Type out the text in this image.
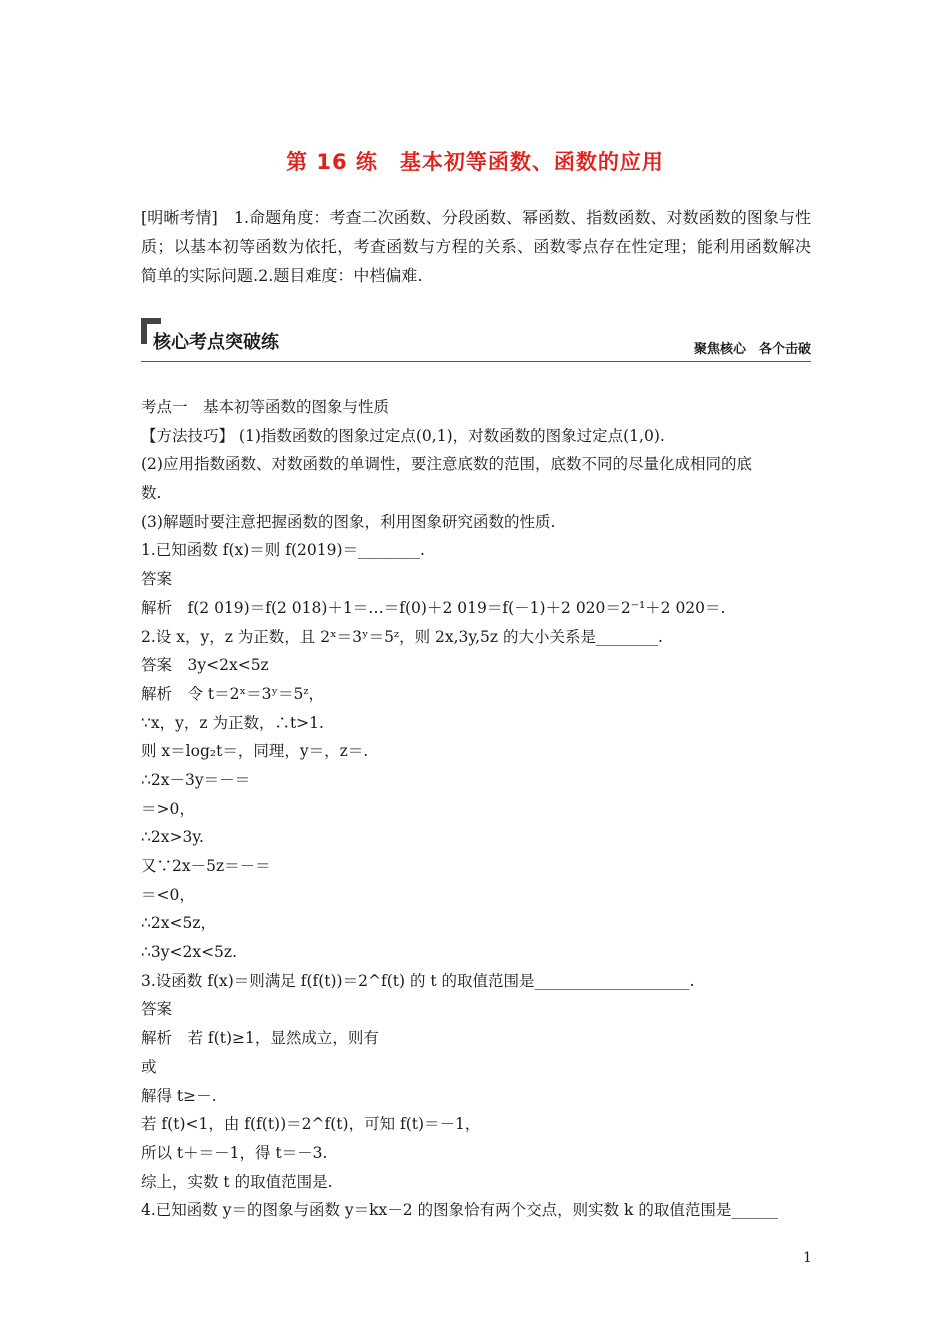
第 16 练　基本初等函数、函数的应用
[明晰考情]　1.命题角度：考查二次函数、分段函数、幂函数、指数函数、对数函数的图象与性质；以基本初等函数为依托，考查函数与方程的关系、函数零点存在性定理；能利用函数解决简单的实际问题.2.题目难度：中档偏难.
核心考点突破练	聚焦核心　各个击破
考点一　基本初等函数的图象与性质
【方法技巧】 (1)指数函数的图象过定点(0,1)，对数函数的图象过定点(1,0).
(2)应用指数函数、对数函数的单调性，要注意底数的范围，底数不同的尽量化成相同的底
数.
(3)解题时要注意把握函数的图象，利用图象研究函数的性质.
1.已知函数 f(x)＝则 f(2019)＝________.
答案
解析　f(2 019)＝f(2 018)＋1＝…＝f(0)＋2 019＝f(－1)＋2 020＝2⁻¹＋2 020＝.
2.设 x，y，z 为正数，且 2ˣ＝3ʸ＝5ᶻ，则 2x,3y,5z 的大小关系是________.
答案　3y<2x<5z
解析　令 t＝2ˣ＝3ʸ＝5ᶻ，
∵x，y，z 为正数，∴t>1.
则 x＝log₂t＝，同理，y＝，z＝.
∴2x－3y＝－＝
＝>0，
∴2x>3y.
又∵2x－5z＝－＝
＝<0，
∴2x<5z，
∴3y<2x<5z.
3.设函数 f(x)＝则满足 f(f(t))＝2^f(t) 的 t 的取值范围是____________________.
答案
解析　若 f(t)≥1，显然成立，则有
或
解得 t≥－.
若 f(t)<1，由 f(f(t))＝2^f(t)，可知 f(t)＝－1，
所以 t＋＝－1，得 t＝－3.
综上，实数 t 的取值范围是.
4.已知函数 y＝的图象与函数 y＝kx－2 的图象恰有两个交点，则实数 k 的取值范围是______
1
